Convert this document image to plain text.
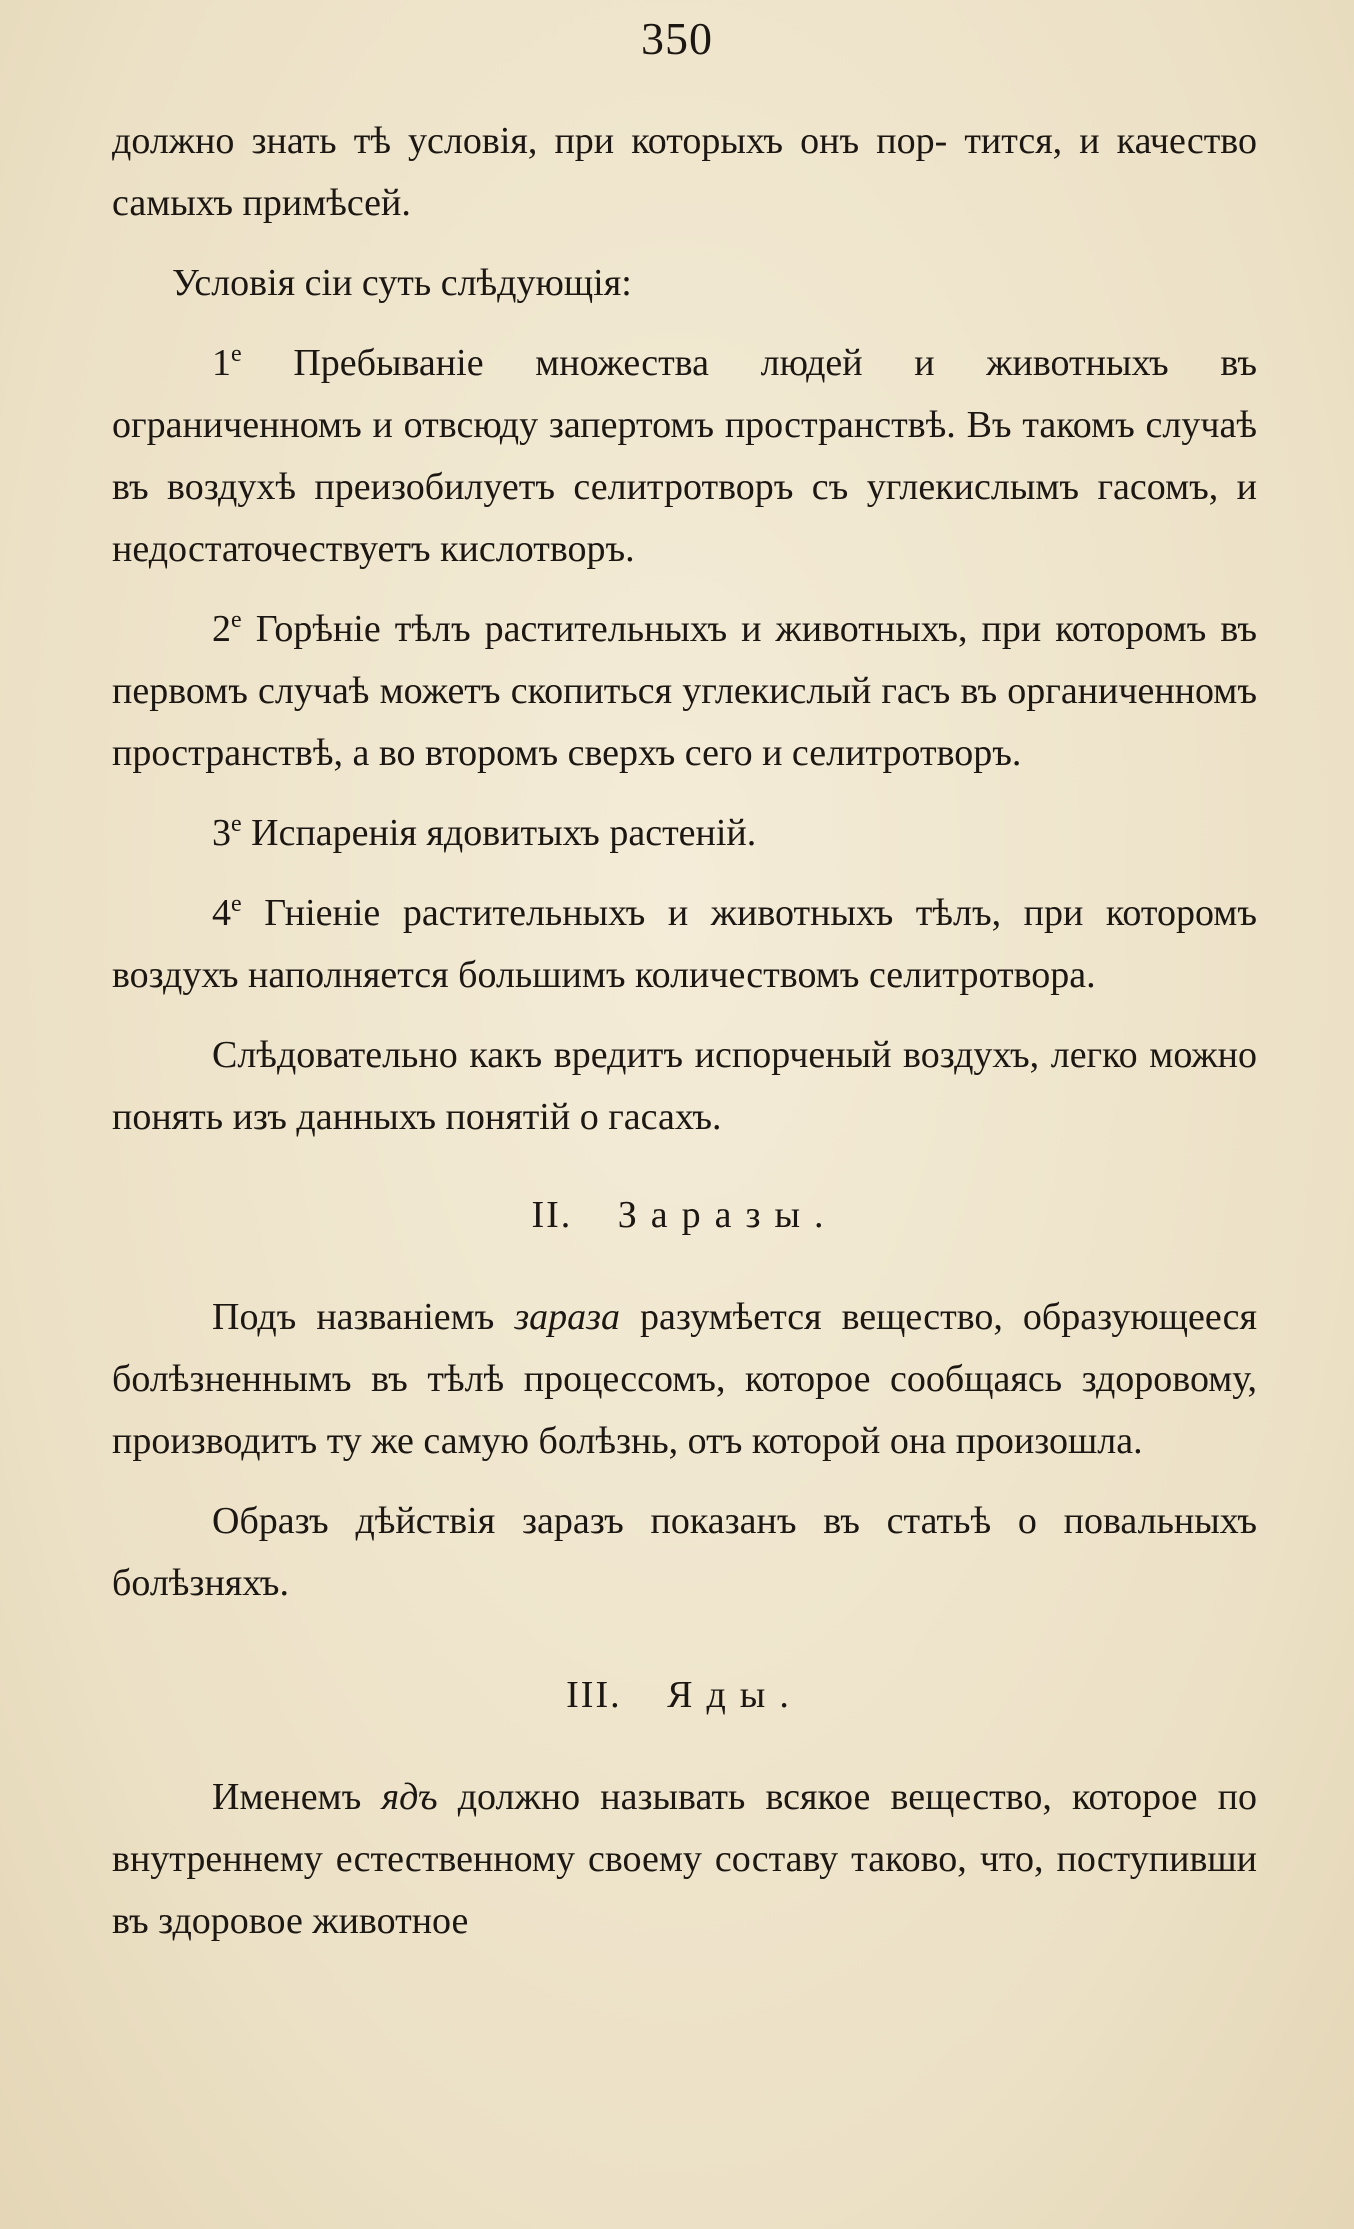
350

должно знать тѣ условія, при которыхъ онъ пор- тится, и качество самыхъ примѣсей.

Условія сіи суть слѣдующія:

$1^е$ Пребываніе множества людей и животныхъ въ ограниченномъ и отвсюду запертомъ пространствѣ. Въ такомъ случаѣ въ воздухѣ преизобилуетъ селитротворъ съ углекислымъ гасомъ, и недостаточествуетъ кислотворъ.

$2^е$ Горѣніе тѣлъ растительныхъ и животныхъ, при которомъ въ первомъ случаѣ можетъ скопиться углекислый гасъ въ органиченномъ пространствѣ, а во второмъ сверхъ сего и селитротворъ.

$3^е$ Испаренія ядовитыхъ растеній.

$4^е$ Гніеніе растительныхъ и животныхъ тѣлъ, при которомъ воздухъ наполняется большимъ количествомъ селитротвора.

Слѣдовательно какъ вредитъ испорченый воздухъ, легко можно понять изъ данныхъ понятій о гасахъ.

II. Заразы.

Подъ названіемъ зараза разумѣется вещество, образующееся болѣзненнымъ въ тѣлѣ процессомъ, которое сообщаясь здоровому, производитъ ту же самую болѣзнь, отъ которой она произошла.

Образъ дѣйствія заразъ показанъ въ статьѣ о повальныхъ болѣзняхъ.

III. Яды.

Именемъ ядъ должно называть всякое вещество, которое по внутреннему естественному своему составу таково, что, поступивши въ здоровое животное
